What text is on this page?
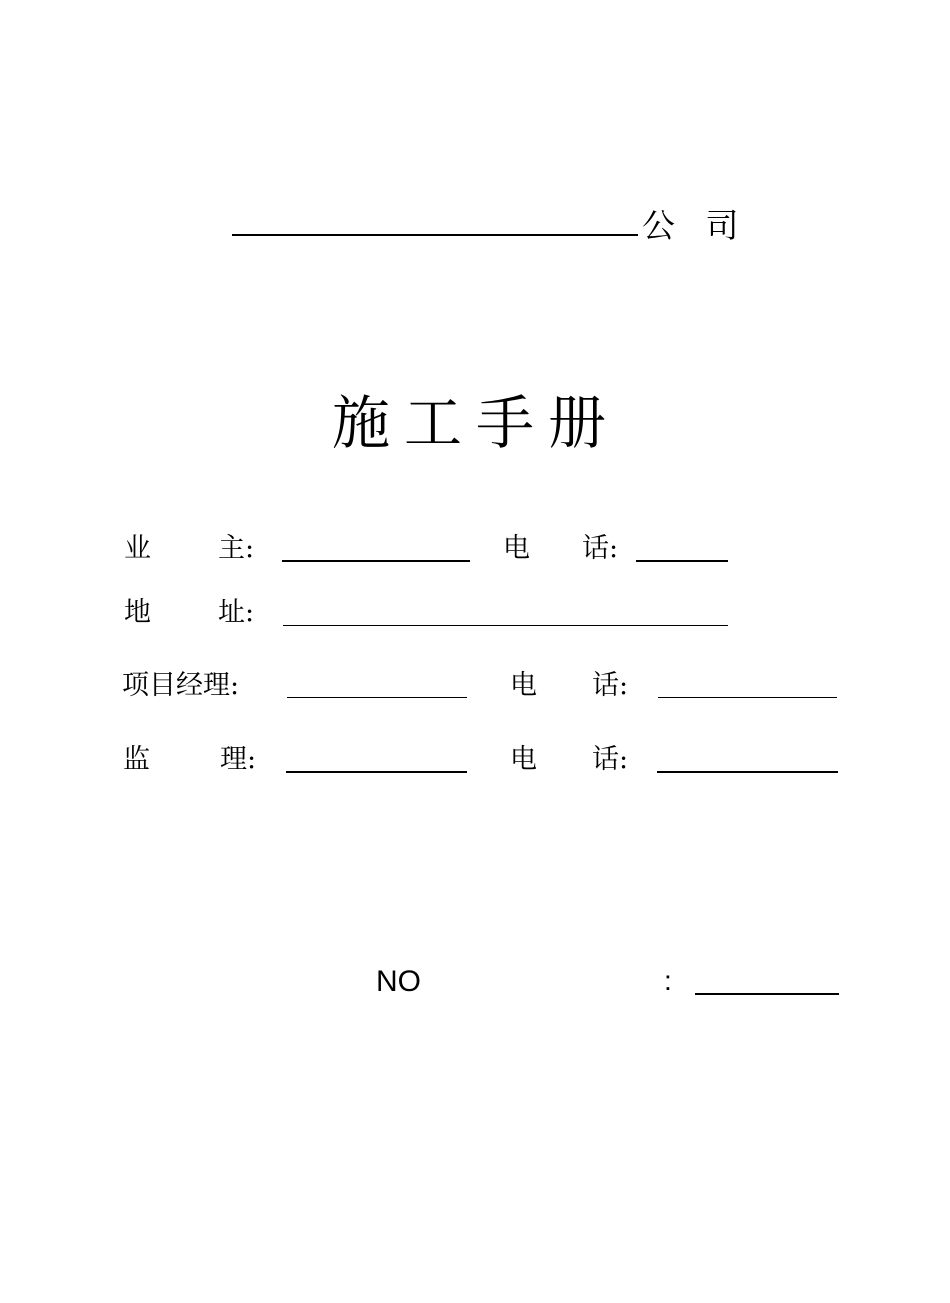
公 司
施工手册
业 主:	电 话:
地 址:
项目经理:	电 话:
监	理:	电 话:
NO	:
